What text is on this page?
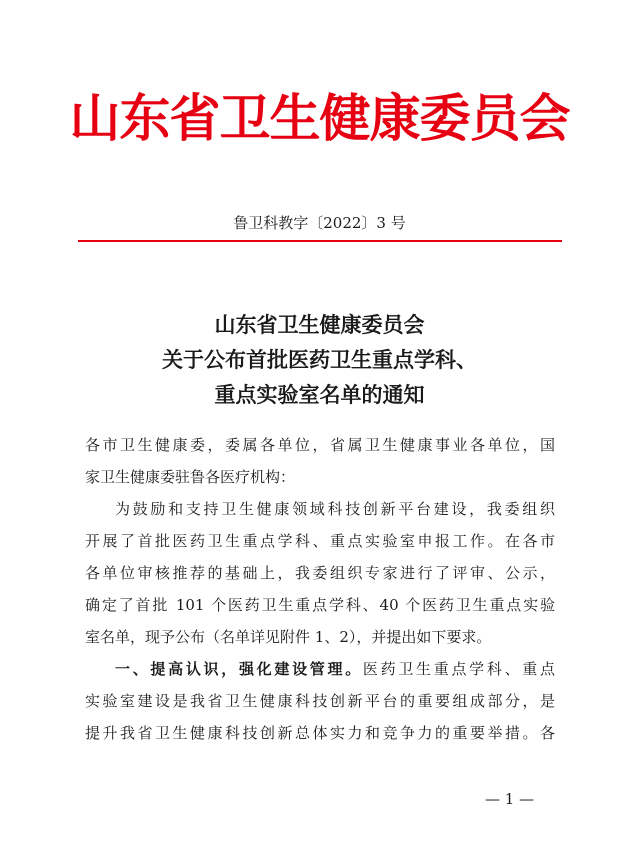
山东省卫生健康委员会
鲁卫科教字〔2022〕3 号
山东省卫生健康委员会
关于公布首批医药卫生重点学科、
重点实验室名单的通知
各市卫生健康委，委属各单位，省属卫生健康事业各单位，国
家卫生健康委驻鲁各医疗机构：
为鼓励和支持卫生健康领域科技创新平台建设，我委组织
开展了首批医药卫生重点学科、重点实验室申报工作。在各市
各单位审核推荐的基础上，我委组织专家进行了评审、公示，
确定了首批 101 个医药卫生重点学科、40 个医药卫生重点实验
室名单，现予公布（名单详见附件 1、2），并提出如下要求。
一、提高认识，强化建设管理。医药卫生重点学科、重点
实验室建设是我省卫生健康科技创新平台的重要组成部分，是
提升我省卫生健康科技创新总体实力和竞争力的重要举措。各
— 1 —
